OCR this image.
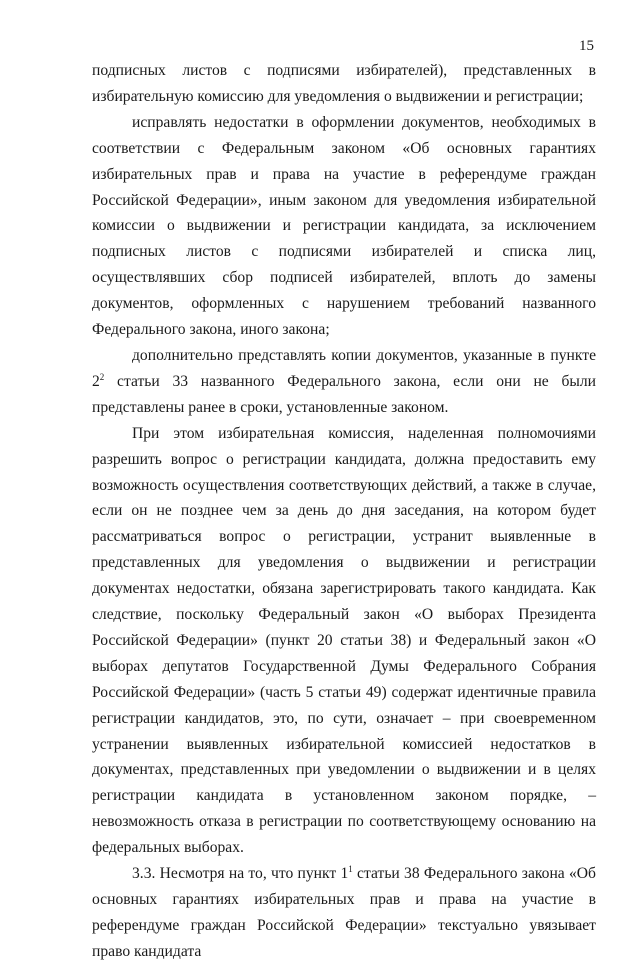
15

подписных листов с подписями избирателей), представленных в избирательную комиссию для уведомления о выдвижении и регистрации;

исправлять недостатки в оформлении документов, необходимых в соответствии с Федеральным законом «Об основных гарантиях избирательных прав и права на участие в референдуме граждан Российской Федерации», иным законом для уведомления избирательной комиссии о выдвижении и регистрации кандидата, за исключением подписных листов с подписями избирателей и списка лиц, осуществлявших сбор подписей избирателей, вплоть до замены документов, оформленных с нарушением требований названного Федерального закона, иного закона;

дополнительно представлять копии документов, указанные в пункте $2^2$ статьи 33 названного Федерального закона, если они не были представлены ранее в сроки, установленные законом.

При этом избирательная комиссия, наделенная полномочиями разрешить вопрос о регистрации кандидата, должна предоставить ему возможность осуществления соответствующих действий, а также в случае, если он не позднее чем за день до дня заседания, на котором будет рассматриваться вопрос о регистрации, устранит выявленные в представленных для уведомления о выдвижении и регистрации документах недостатки, обязана зарегистрировать такого кандидата. Как следствие, поскольку Федеральный закон «О выборах Президента Российской Федерации» (пункт 20 статьи 38) и Федеральный закон «О выборах депутатов Государственной Думы Федерального Собрания Российской Федерации» (часть 5 статьи 49) содержат идентичные правила регистрации кандидатов, это, по сути, означает – при своевременном устранении выявленных избирательной комиссией недостатков в документах, представленных при уведомлении о выдвижении и в целях регистрации кандидата в установленном законом порядке, – невозможность отказа в регистрации по соответствующему основанию на федеральных выборах.

3.3. Несмотря на то, что пункт $1^1$ статьи 38 Федерального закона «Об основных гарантиях избирательных прав и права на участие в референдуме граждан Российской Федерации» текстуально увязывает право кандидата
